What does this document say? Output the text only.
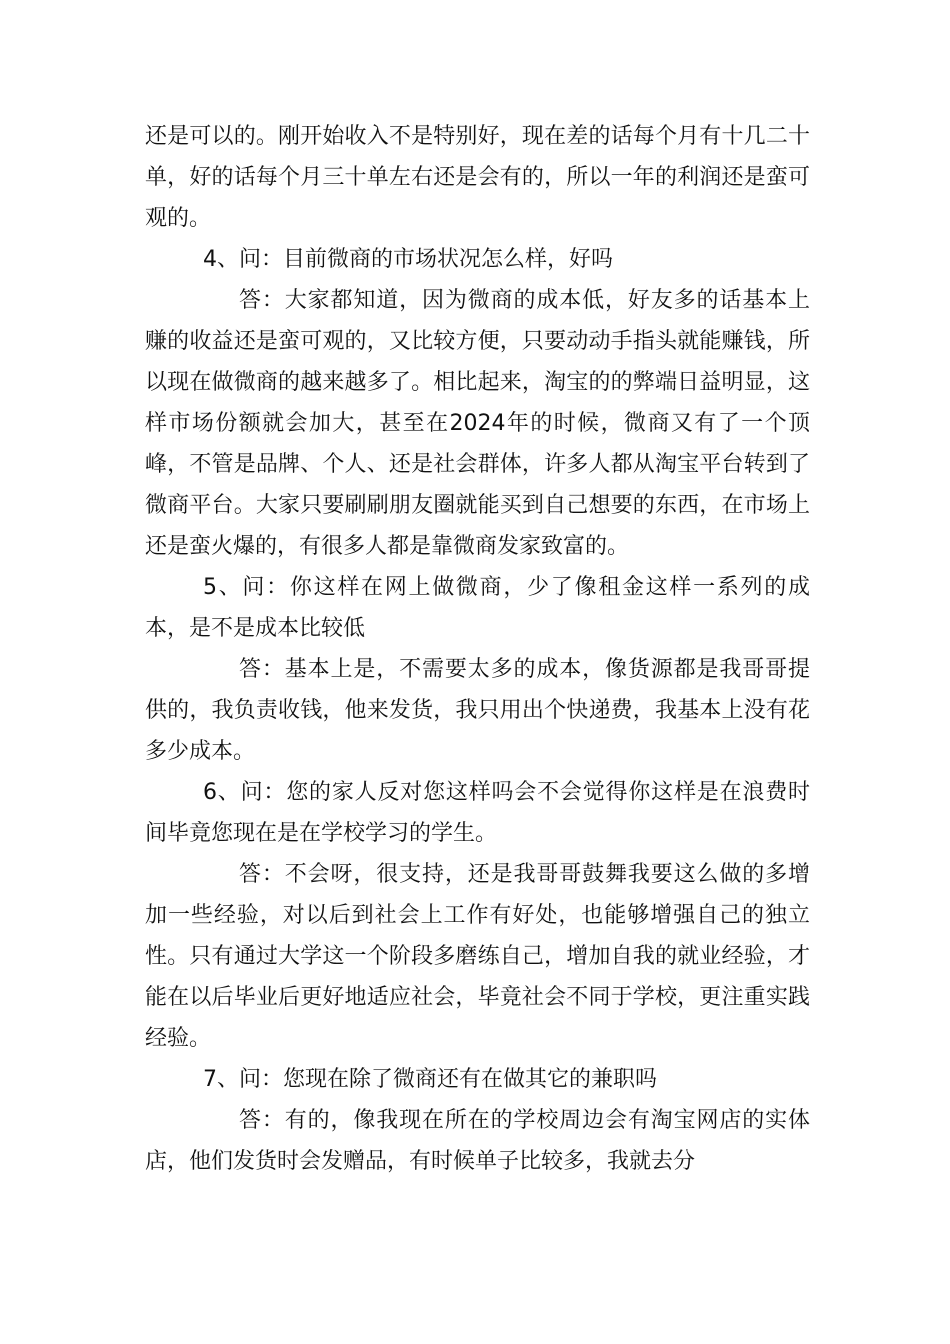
还是可以的。刚开始收入不是特别好，现在差的话每个月有十几二十单，好的话每个月三十单左右还是会有的，所以一年的利润还是蛮可观的。

4、问：目前微商的市场状况怎么样，好吗

答：大家都知道，因为微商的成本低，好友多的话基本上赚的收益还是蛮可观的，又比较方便，只要动动手指头就能赚钱，所以现在做微商的越来越多了。相比起来，淘宝的的弊端日益明显，这样市场份额就会加大，甚至在2024年的时候，微商又有了一个顶峰，不管是品牌、个人、还是社会群体，许多人都从淘宝平台转到了微商平台。大家只要刷刷朋友圈就能买到自己想要的东西，在市场上还是蛮火爆的，有很多人都是靠微商发家致富的。

5、问：你这样在网上做微商，少了像租金这样一系列的成本，是不是成本比较低

答：基本上是，不需要太多的成本，像货源都是我哥哥提供的，我负责收钱，他来发货，我只用出个快递费，我基本上没有花多少成本。

6、问：您的家人反对您这样吗会不会觉得你这样是在浪费时间毕竟您现在是在学校学习的学生。

答：不会呀，很支持，还是我哥哥鼓舞我要这么做的多增加一些经验，对以后到社会上工作有好处，也能够增强自己的独立性。只有通过大学这一个阶段多磨练自己，增加自我的就业经验，才能在以后毕业后更好地适应社会，毕竟社会不同于学校，更注重实践经验。

7、问：您现在除了微商还有在做其它的兼职吗

答：有的，像我现在所在的学校周边会有淘宝网店的实体店，他们发货时会发赠品，有时候单子比较多，我就去分
